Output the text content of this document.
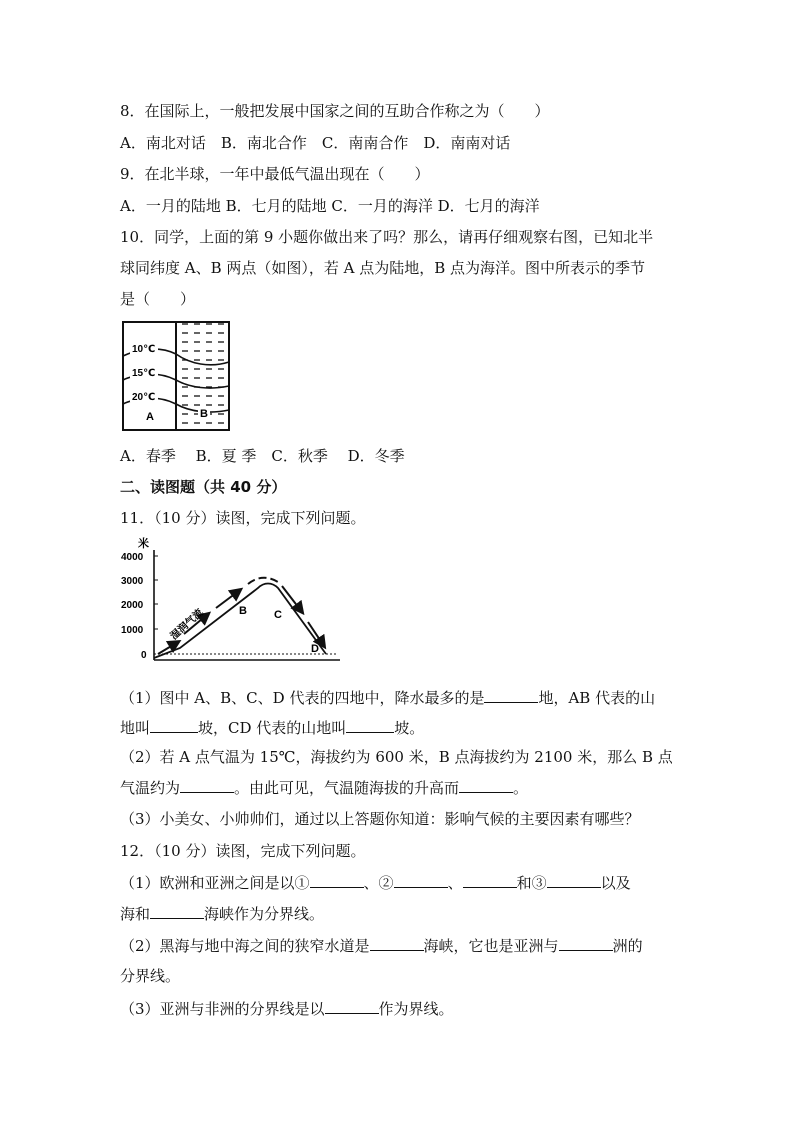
8．在国际上，一般把发展中国家之间的互助合作称之为（　　）
A．南北对话　B．南北合作　C．南南合作　D．南南对话
9．在北半球，一年中最低气温出现在（　　）
A．一月的陆地 B．七月的陆地 C．一月的海洋 D．七月的海洋
10．同学，上面的第 9 小题你做出来了吗？那么，请再仔细观察右图，已知北半
球同纬度 A、B 两点（如图），若 A 点为陆地，B 点为海洋。图中所表示的季节
是（　　）
10℃
15℃
20℃
A	B
A．春季　 B．夏 季　C．秋季　 D．冬季
二、读图题（共 40 分）
11．（10 分）读图，完成下列问题。
米
4000
3000
2000
1000
0
湿润气流	B C
D
（1）图中 A、B、C、D 代表的四地中，降水最多的是	地，AB 代表的山
地叫	坡，CD 代表的山地叫	坡。
（2）若 A 点气温为 15℃，海拔约为 600 米，B 点海拔约为 2100 米，那么 B 点
气温约为	。由此可见，气温随海拔的升高而	。
（3）小美女、小帅帅们，通过以上答题你知道：影响气候的主要因素有哪些？
12．（10 分）读图，完成下列问题。
（1）欧洲和亚洲之间是以①	、②	、	和③	以及
海和	海峡作为分界线。
（2）黑海与地中海之间的狭窄水道是	海峡，它也是亚洲与	洲的
分界线。
（3）亚洲与非洲的分界线是以	作为界线。
